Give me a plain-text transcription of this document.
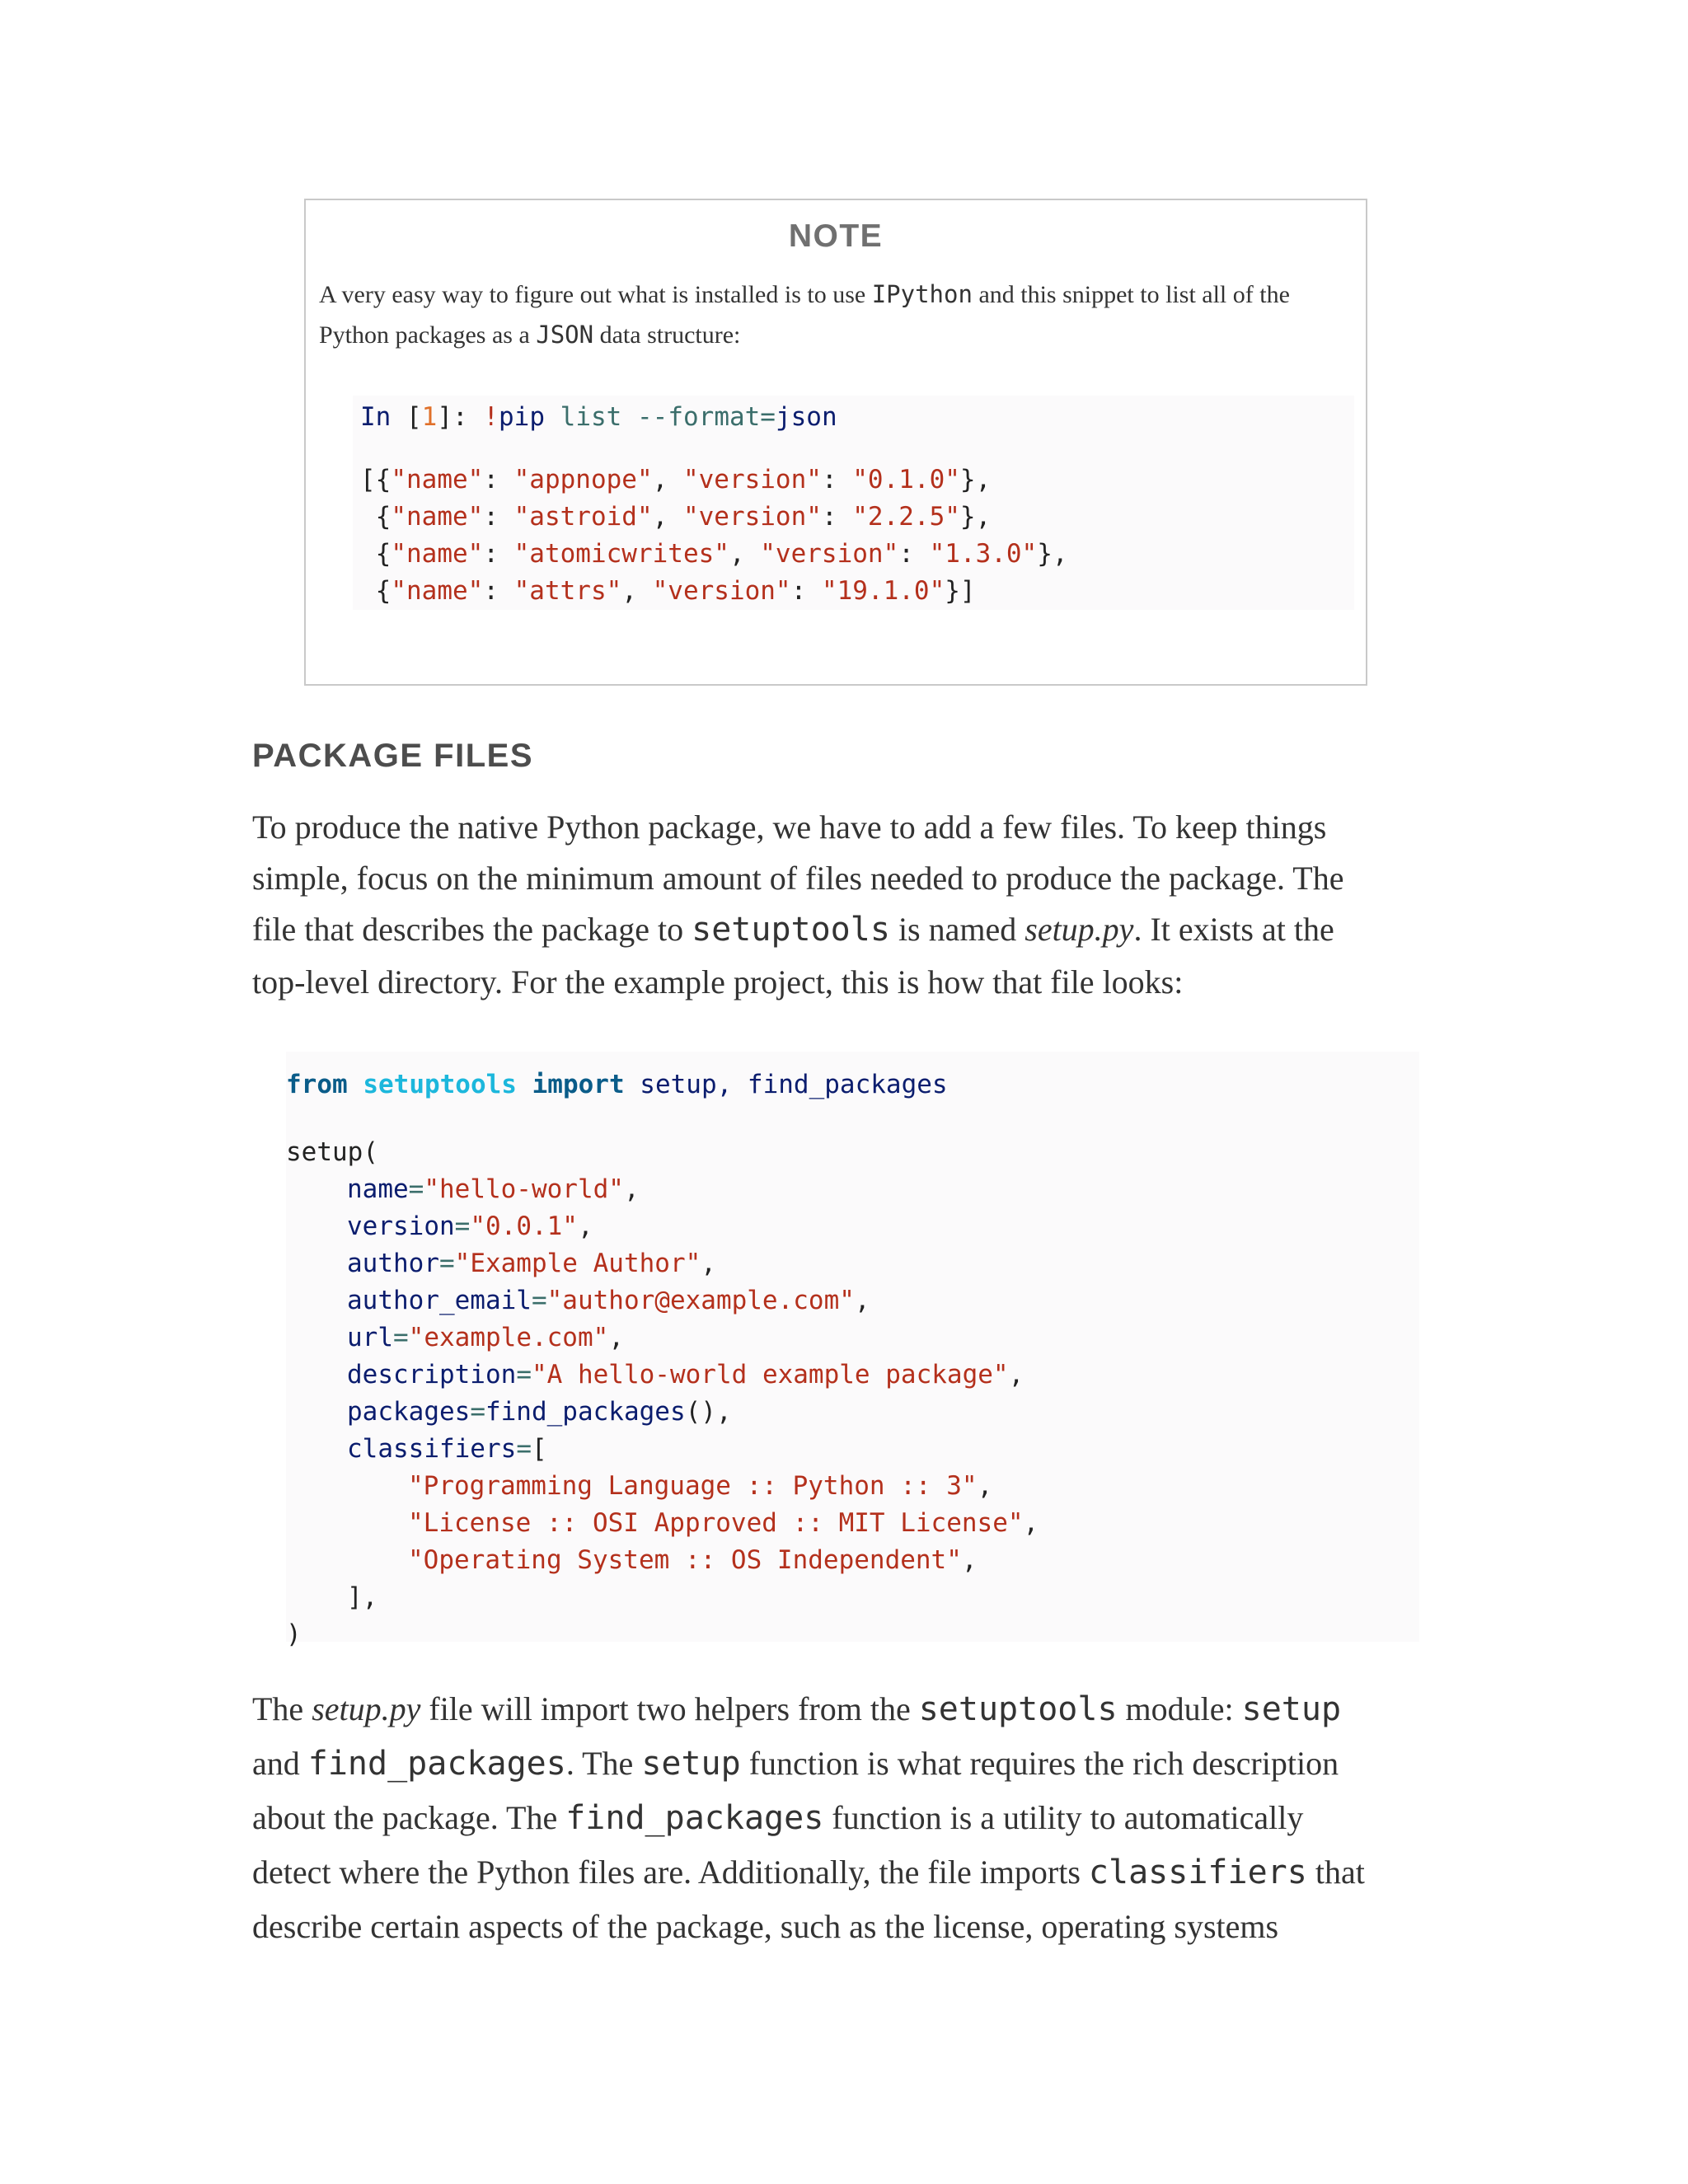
NOTE
A very easy way to figure out what is installed is to use IPython and this snippet to list all of the
Python packages as a JSON data structure:

In [1]: !pip list --format=json

[{"name": "appnope", "version": "0.1.0"},

{"name": "astroid", "version": "2.2.5"},

{"name": "atomicwrites", "version": "1.3.0"},

{"name": "attrs", "version": "19.1.0"}]

PACKAGE FILES
To produce the native Python package, we have to add a few files. To keep things
simple, focus on the minimum amount of files needed to produce the package. The
file that describes the package to setuptools is named setup.py. It exists at the
top-level directory. For the example project, this is how that file looks:

from setuptools import setup, find_packages

setup(

name="hello-world",

version="0.0.1",

author="Example Author",

author_email="author@example.com",

url="example.com",

description="A hello-world example package",

packages=find_packages(),

classifiers=[

"Programming Language :: Python :: 3",

"License :: OSI Approved :: MIT License",

"Operating System :: OS Independent",

],

)

The setup.py file will import two helpers from the setuptools module: setup
and find_packages. The setup function is what requires the rich description
about the package. The find_packages function is a utility to automatically
detect where the Python files are. Additionally, the file imports classifiers that
describe certain aspects of the package, such as the license, operating systems
